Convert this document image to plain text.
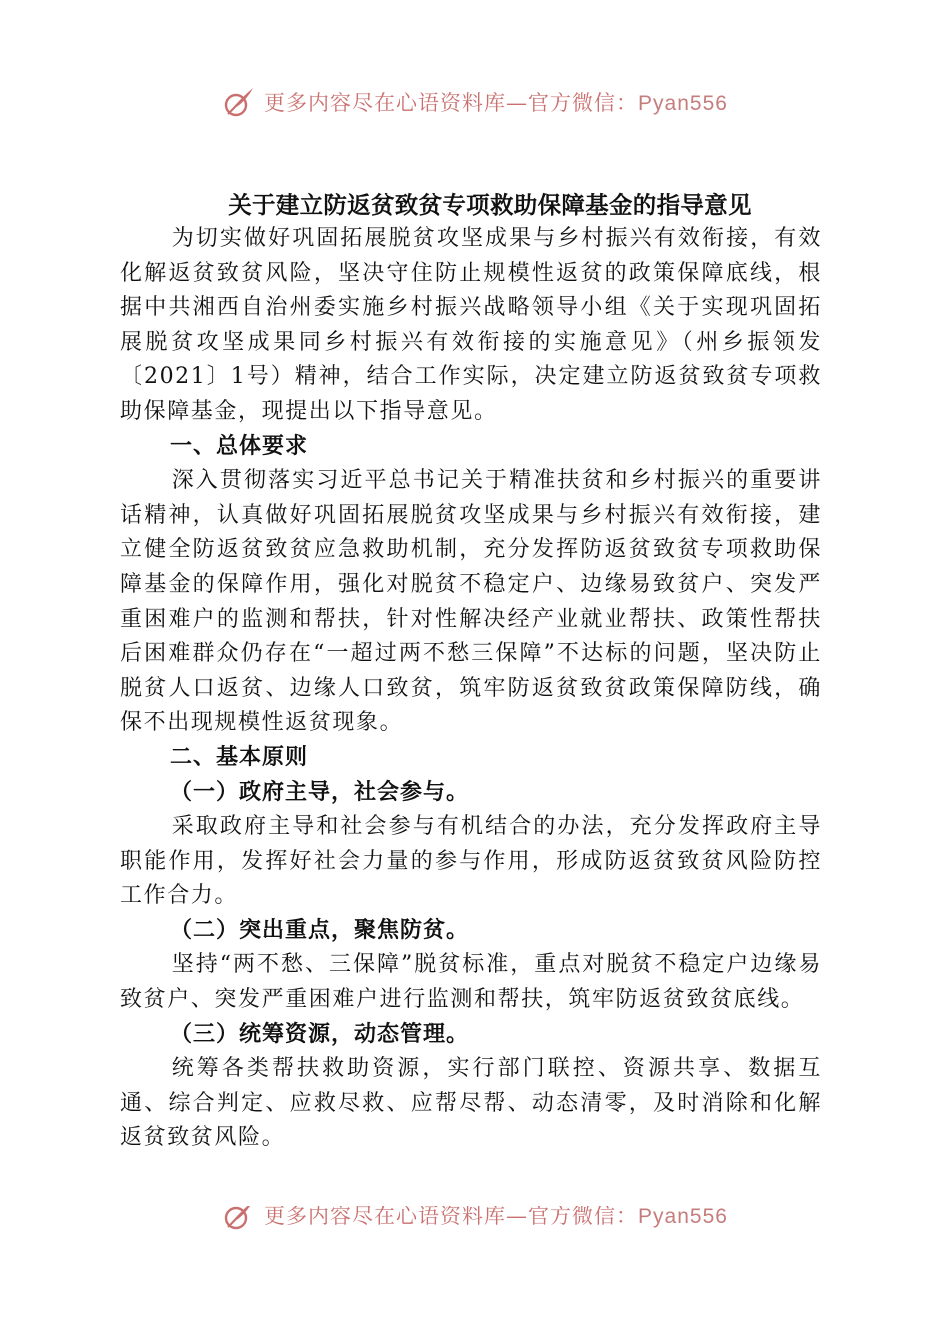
更多内容尽在心语资料库—官方微信：Pyan556
关于建立防返贫致贫专项救助保障基金的指导意见

为切实做好巩固拓展脱贫攻坚成果与乡村振兴有效衔接，有效化解返贫致贫风险，坚决守住防止规模性返贫的政策保障底线，根据中共湘西自治州委实施乡村振兴战略领导小组《关于实现巩固拓展脱贫攻坚成果同乡村振兴有效衔接的实施意见》（州乡振领发〔2021〕1号）精神，结合工作实际，决定建立防返贫致贫专项救助保障基金，现提出以下指导意见。

一、总体要求

深入贯彻落实习近平总书记关于精准扶贫和乡村振兴的重要讲话精神，认真做好巩固拓展脱贫攻坚成果与乡村振兴有效衔接，建立健全防返贫致贫应急救助机制，充分发挥防返贫致贫专项救助保障基金的保障作用，强化对脱贫不稳定户、边缘易致贫户、突发严重困难户的监测和帮扶，针对性解决经产业就业帮扶、政策性帮扶后困难群众仍存在“一超过两不愁三保障”不达标的问题，坚决防止脱贫人口返贫、边缘人口致贫，筑牢防返贫致贫政策保障防线，确保不出现规模性返贫现象。

二、基本原则
（一）政府主导，社会参与。

采取政府主导和社会参与有机结合的办法，充分发挥政府主导职能作用，发挥好社会力量的参与作用，形成防返贫致贫风险防控工作合力。

（二）突出重点，聚焦防贫。

坚持“两不愁、三保障”脱贫标准，重点对脱贫不稳定户边缘易致贫户、突发严重困难户进行监测和帮扶，筑牢防返贫致贫底线。

（三）统筹资源，动态管理。

统筹各类帮扶救助资源，实行部门联控、资源共享、数据互通、综合判定、应救尽救、应帮尽帮、动态清零，及时消除和化解返贫致贫风险。

更多内容尽在心语资料库—官方微信：Pyan556
